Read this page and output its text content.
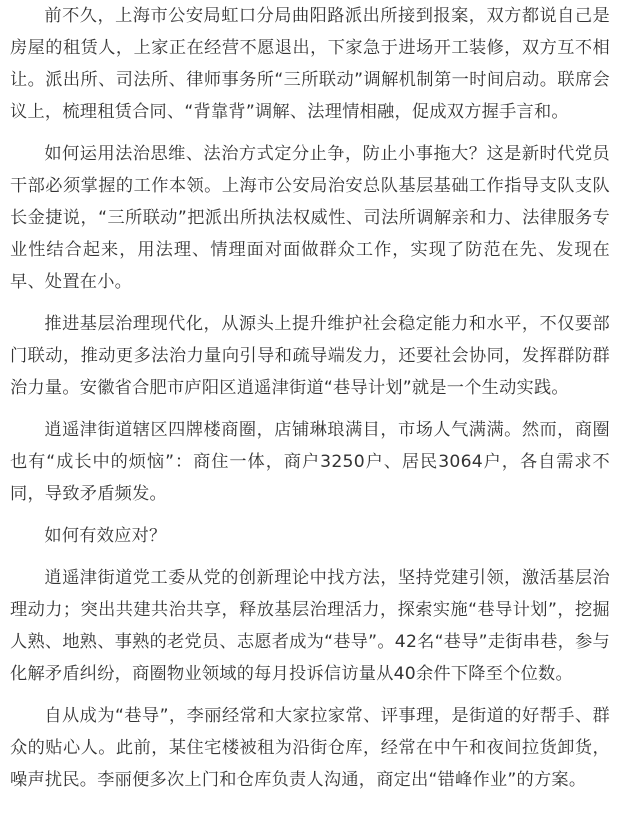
前不久，上海市公安局虹口分局曲阳路派出所接到报案，双方都说自己是房屋的租赁人，上家正在经营不愿退出，下家急于进场开工装修，双方互不相让。派出所、司法所、律师事务所“三所联动”调解机制第一时间启动。联席会议上，梳理租赁合同、“背靠背”调解、法理情相融，促成双方握手言和。

如何运用法治思维、法治方式定分止争，防止小事拖大？这是新时代党员干部必须掌握的工作本领。上海市公安局治安总队基层基础工作指导支队支队长金捷说，“三所联动”把派出所执法权威性、司法所调解亲和力、法律服务专业性结合起来，用法理、情理面对面做群众工作，实现了防范在先、发现在早、处置在小。

推进基层治理现代化，从源头上提升维护社会稳定能力和水平，不仅要部门联动，推动更多法治力量向引导和疏导端发力，还要社会协同，发挥群防群治力量。安徽省合肥市庐阳区逍遥津街道“巷导计划”就是一个生动实践。

逍遥津街道辖区四牌楼商圈，店铺琳琅满目，市场人气满满。然而，商圈也有“成长中的烦恼”：商住一体，商户3250户、居民3064户，各自需求不同，导致矛盾频发。

如何有效应对？

逍遥津街道党工委从党的创新理论中找方法，坚持党建引领，激活基层治理动力；突出共建共治共享，释放基层治理活力，探索实施“巷导计划”，挖掘人熟、地熟、事熟的老党员、志愿者成为“巷导”。42名“巷导”走街串巷，参与化解矛盾纠纷，商圈物业领域的每月投诉信访量从40余件下降至个位数。

自从成为“巷导”，李丽经常和大家拉家常、评事理，是街道的好帮手、群众的贴心人。此前，某住宅楼被租为沿街仓库，经常在中午和夜间拉货卸货，噪声扰民。李丽便多次上门和仓库负责人沟通，商定出“错峰作业”的方案。
